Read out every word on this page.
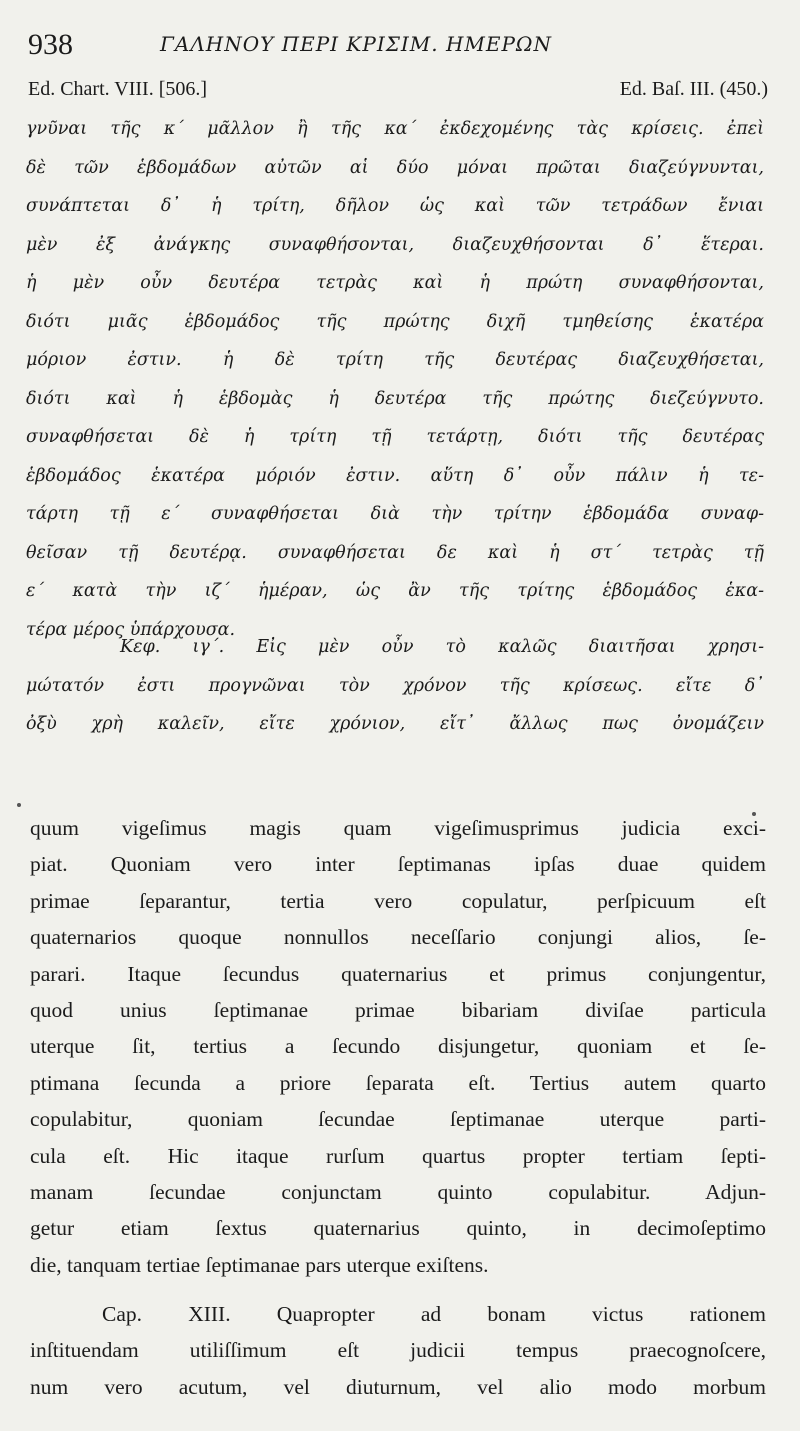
938	ΓΑΛΗΝΟΥ ΠΕΡΙ ΚΡΙΣΙΜ. ΗΜΕΡΩΝ
Ed. Chart. VIII. [506.]	Ed. Baſ. III. (450.)
γνῦναι τῆς κ΄ μᾶλλον ἢ τῆς κα΄ ἐκδεχομένης τὰς κρίσεις. ἐπεὶ
δὲ τῶν ἑβδομάδων αὐτῶν αἱ δύο μόναι πρῶται διαζεύγνυνται,
συνάπτεται δ᾽ ἡ τρίτη, δῆλον ὡς καὶ τῶν τετράδων ἔνιαι
μὲν ἐξ ἀνάγκης συναφθήσονται, διαζευχθήσονται δ᾽ ἕτεραι.
ἡ μὲν οὖν δευτέρα τετρὰς καὶ ἡ πρώτη συναφθήσονται,
διότι μιᾶς ἑβδομάδος τῆς πρώτης διχῆ τμηθείσης ἑκατέρα
μόριον ἐστιν. ἡ δὲ τρίτη τῆς δευτέρας διαζευχθήσεται,
διότι καὶ ἡ ἑβδομὰς ἡ δευτέρα τῆς πρώτης διεζεύγνυτο.
συναφθήσεται δὲ ἡ τρίτη τῇ τετάρτῃ, διότι τῆς δευτέρας
ἑβδομάδος ἑκατέρα μόριόν ἐστιν. αὕτη δ᾽ οὖν πάλιν ἡ τε-
τάρτη τῇ ε΄ συναφθήσεται διὰ τὴν τρίτην ἑβδομάδα συναφ-
θεῖσαν τῇ δευτέρᾳ. συναφθήσεται δε καὶ ἡ στ΄ τετρὰς τῇ
ε΄ κατὰ τὴν ιζ΄ ἡμέραν, ὡς ἂν τῆς τρίτης ἑβδομάδος ἑκα-
τέρα μέρος ὑπάρχουσα.
Κεφ. ιγ΄. Εἰς μὲν οὖν τὸ καλῶς διαιτῆσαι χρησι-
μώτατόν ἐστι προγνῶναι τὸν χρόνον τῆς κρίσεως. εἴτε δ᾽
ὀξὺ χρὴ καλεῖν, εἴτε χρόνιον, εἴτ᾽ ἄλλως πως ὀνομάζειν
quum vigeſimus magis quam vigeſimusprimus judicia exci-
piat. Quoniam vero inter ſeptimanas ipſas duae quidem
primae ſeparantur, tertia vero copulatur, perſpicuum eſt
quaternarios quoque nonnullos neceſſario conjungi alios, ſe-
parari. Itaque ſecundus quaternarius et primus conjungentur,
quod unius ſeptimanae primae bibariam diviſae particula
uterque ſit, tertius a ſecundo disjungetur, quoniam et ſe-
ptimana ſecunda a priore ſeparata eſt. Tertius autem quarto
copulabitur, quoniam ſecundae ſeptimanae uterque parti-
cula eſt. Hic itaque rurſum quartus propter tertiam ſepti-
manam ſecundae conjunctam quinto copulabitur. Adjun-
getur etiam ſextus quaternarius quinto, in decimoſeptimo
die, tanquam tertiae ſeptimanae pars uterque exiſtens.
Cap. XIII. Quapropter ad bonam victus rationem
inſtituendam utiliſſimum eſt judicii tempus praecognoſcere,
num vero acutum, vel diuturnum, vel alio modo morbum
